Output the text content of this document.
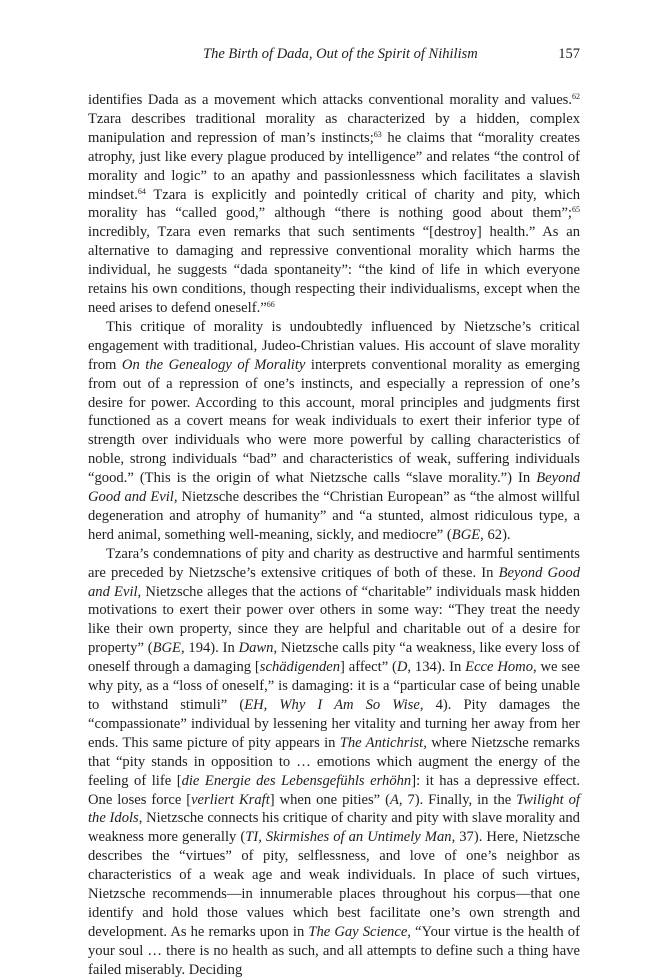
The Birth of Dada, Out of the Spirit of Nihilism	157

identifies Dada as a movement which attacks conventional morality and values.$^{62}$ Tzara describes traditional morality as characterized by a hidden, complex manipulation and repression of man’s instincts;$^{63}$ he claims that “morality creates atrophy, just like every plague produced by intelligence” and relates “the control of morality and logic” to an apathy and passionlessness which facilitates a slavish mindset.$^{64}$ Tzara is explicitly and pointedly critical of charity and pity, which morality has “called good,” although “there is nothing good about them”;$^{65}$ incredibly, Tzara even remarks that such sentiments “[destroy] health.” As an alternative to damaging and repressive conventional morality which harms the individual, he suggests “dada spontaneity”: “the kind of life in which everyone retains his own conditions, though respecting their individualisms, except when the need arises to defend oneself.”$^{66}$

This critique of morality is undoubtedly influenced by Nietzsche’s critical engagement with traditional, Judeo-Christian values. His account of slave morality from On the Genealogy of Morality interprets conventional morality as emerging from out of a repression of one’s instincts, and especially a repression of one’s desire for power. According to this account, moral principles and judgments first functioned as a covert means for weak individuals to exert their inferior type of strength over individuals who were more powerful by calling characteristics of noble, strong individuals “bad” and characteristics of weak, suffering individuals “good.” (This is the origin of what Nietzsche calls “slave morality.”) In Beyond Good and Evil, Nietzsche describes the “Christian European” as “the almost willful degeneration and atrophy of humanity” and “a stunted, almost ridiculous type, a herd animal, something well-meaning, sickly, and mediocre” (BGE, 62).

Tzara’s condemnations of pity and charity as destructive and harmful sentiments are preceded by Nietzsche’s extensive critiques of both of these. In Beyond Good and Evil, Nietzsche alleges that the actions of “charitable” individuals mask hidden motivations to exert their power over others in some way: “They treat the needy like their own property, since they are helpful and charitable out of a desire for property” (BGE, 194). In Dawn, Nietzsche calls pity “a weakness, like every loss of oneself through a damaging [schädigenden] affect” (D, 134). In Ecce Homo, we see why pity, as a “loss of oneself,” is damaging: it is a “particular case of being unable to withstand stimuli” (EH, Why I Am So Wise, 4). Pity damages the “compassionate” individual by lessening her vitality and turning her away from her ends. This same picture of pity appears in The Antichrist, where Nietzsche remarks that “pity stands in opposition to … emotions which augment the energy of the feeling of life [die Energie des Lebensgefühls erhöhn]: it has a depressive effect. One loses force [verliert Kraft] when one pities” (A, 7). Finally, in the Twilight of the Idols, Nietzsche connects his critique of charity and pity with slave morality and weakness more generally (TI, Skirmishes of an Untimely Man, 37). Here, Nietzsche describes the “virtues” of pity, selflessness, and love of one’s neighbor as characteristics of a weak age and weak individuals. In place of such virtues, Nietzsche recommends—in innumerable places throughout his corpus—that one identify and hold those values which best facilitate one’s own strength and development. As he remarks upon in The Gay Science, “Your virtue is the health of your soul … there is no health as such, and all attempts to define such a thing have failed miserably. Deciding
